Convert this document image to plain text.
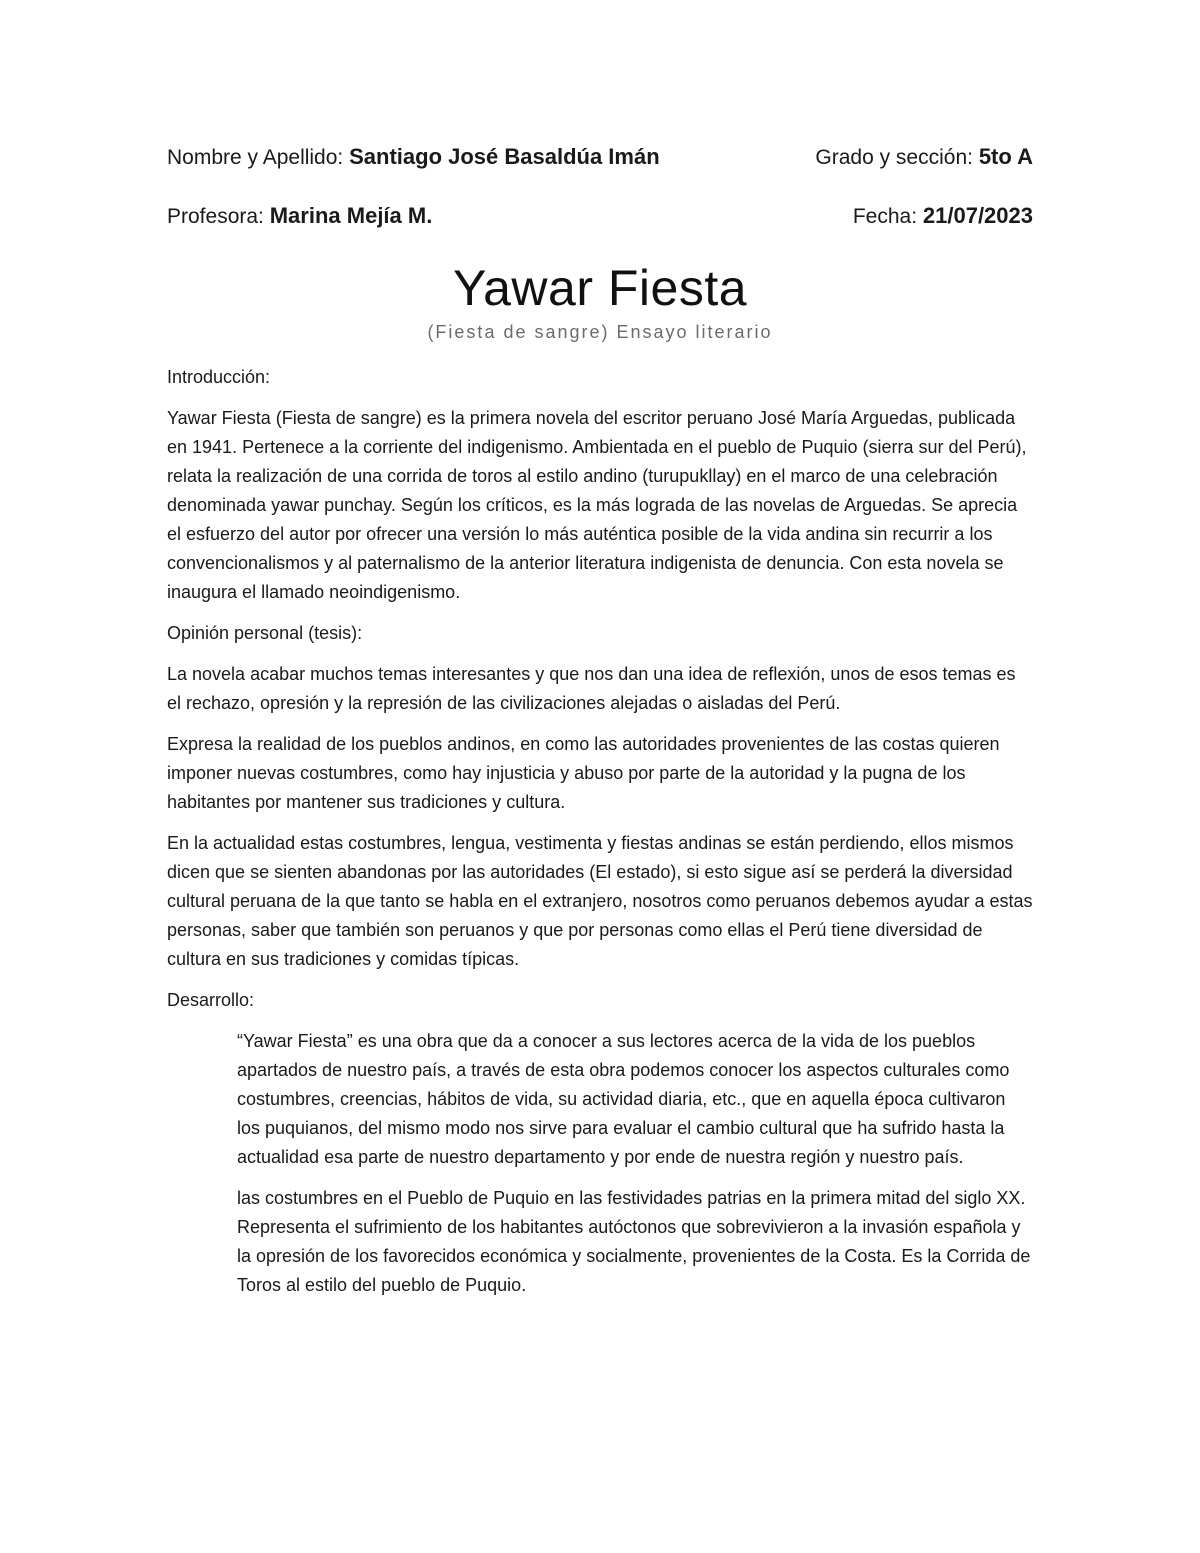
Nombre y Apellido: Santiago José Basaldúa Imán	Grado y sección: 5to A
Profesora: Marina Mejía M.	Fecha: 21/07/2023
Yawar Fiesta
(Fiesta de sangre) Ensayo literario
Introducción:

Yawar Fiesta (Fiesta de sangre) es la primera novela del escritor peruano José María Arguedas, publicada en 1941. Pertenece a la corriente del indigenismo. Ambientada en el pueblo de Puquio (sierra sur del Perú), relata la realización de una corrida de toros al estilo andino (turupukllay) en el marco de una celebración denominada yawar punchay. Según los críticos, es la más lograda de las novelas de Arguedas. Se aprecia el esfuerzo del autor por ofrecer una versión lo más auténtica posible de la vida andina sin recurrir a los convencionalismos y al paternalismo de la anterior literatura indigenista de denuncia. Con esta novela se inaugura el llamado neoindigenismo.

Opinión personal (tesis):

La novela acabar muchos temas interesantes y que nos dan una idea de reflexión, unos de esos temas es el rechazo, opresión y la represión de las civilizaciones alejadas o aisladas del Perú.

Expresa la realidad de los pueblos andinos, en como las autoridades provenientes de las costas quieren imponer nuevas costumbres, como hay injusticia y abuso por parte de la autoridad y la pugna de los habitantes por mantener sus tradiciones y cultura.

En la actualidad estas costumbres, lengua, vestimenta y fiestas andinas se están perdiendo, ellos mismos dicen que se sienten abandonas por las autoridades (El estado), si esto sigue así se perderá la diversidad cultural peruana de la que tanto se habla en el extranjero, nosotros como peruanos debemos ayudar a estas personas, saber que también son peruanos y que por personas como ellas el Perú tiene diversidad de cultura en sus tradiciones y comidas típicas.

Desarrollo:

“Yawar Fiesta” es una obra que da a conocer a sus lectores acerca de la vida de los pueblos apartados de nuestro país, a través de esta obra podemos conocer los aspectos culturales como costumbres, creencias, hábitos de vida, su actividad diaria, etc., que en aquella época cultivaron los puquianos, del mismo modo nos sirve para evaluar el cambio cultural que ha sufrido hasta la actualidad esa parte de nuestro departamento y por ende de nuestra región y nuestro país.

las costumbres en el Pueblo de Puquio en las festividades patrias en la primera mitad del siglo XX. Representa el sufrimiento de los habitantes autóctonos que sobrevivieron a la invasión española y la opresión de los favorecidos económica y socialmente, provenientes de la Costa. Es la Corrida de Toros al estilo del pueblo de Puquio.
